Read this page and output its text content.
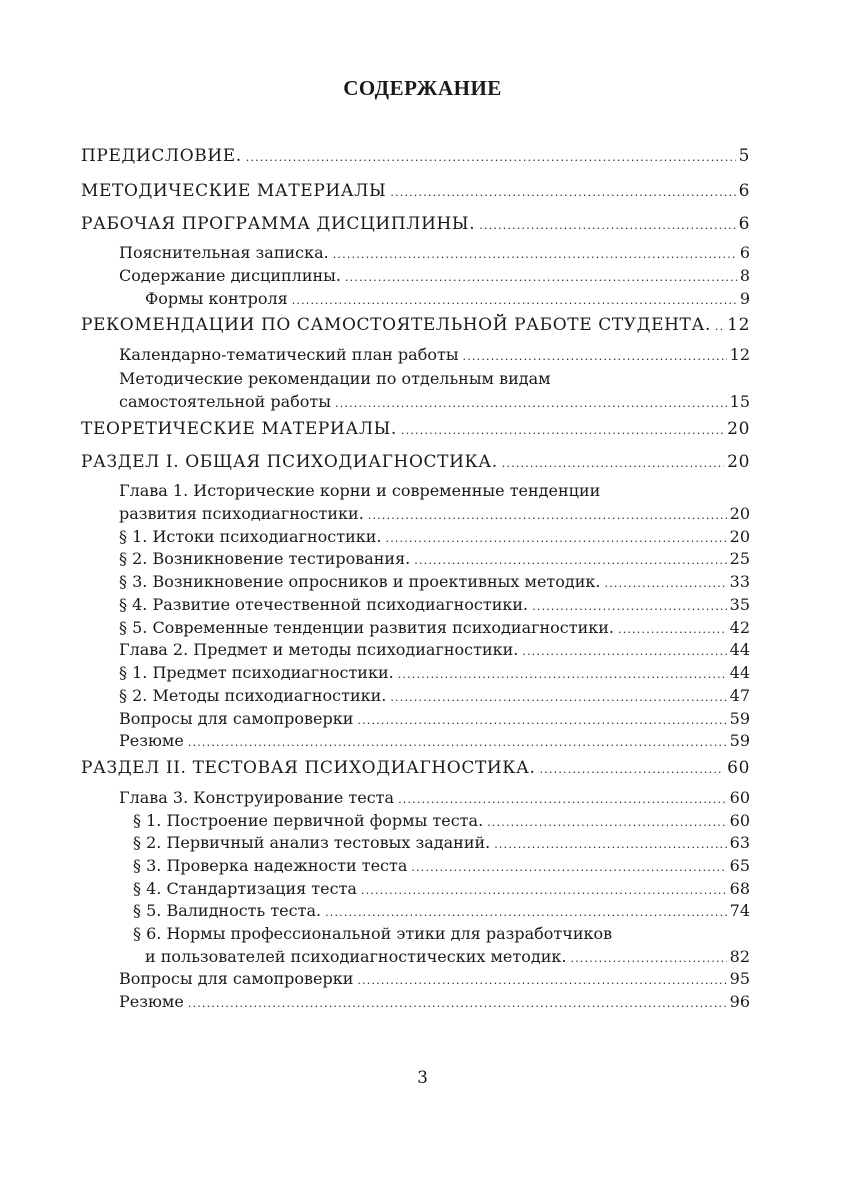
СОДЕРЖАНИЕ
ПРЕДИСЛОВИЕ. .....	5
МЕТОДИЧЕСКИЕ МАТЕРИАЛЫ .....	6
РАБОЧАЯ ПРОГРАММА ДИСЦИПЛИНЫ. .....	6
Пояснительная записка. .....	6
Содержание дисциплины. .....	8
Формы контроля .....	9
РЕКОМЕНДАЦИИ ПО САМОСТОЯТЕЛЬНОЙ РАБОТЕ СТУДЕНТА. ..... 12
Календарно-тематический план работы .....	12
Методические рекомендации по отдельным видам
самостоятельной работы .....	15
ТЕОРЕТИЧЕСКИЕ МАТЕРИАЛЫ. .....	20
РАЗДЕЛ I. ОБЩАЯ ПСИХОДИАГНОСТИКА. .....	20
Глава 1. Исторические корни и современные тенденции
развития психодиагностики. .....	20
§ 1. Истоки психодиагностики. .....	20
§ 2. Возникновение тестирования. .....	25
§ 3. Возникновение опросников и проективных методик. .....	33
§ 4. Развитие отечественной психодиагностики. .....	35
§ 5. Современные тенденции развития психодиагностики. .....	42
Глава 2. Предмет и методы психодиагностики. .....	44
§ 1. Предмет психодиагностики. .....	44
§ 2. Методы психодиагностики. .....	47
Вопросы для самопроверки .....	59
Резюме .....	59
РАЗДЕЛ II. ТЕСТОВАЯ ПСИХОДИАГНОСТИКА. .....	60
Глава 3. Конструирование теста .....	60
§ 1. Построение первичной формы теста. .....	60
§ 2. Первичный анализ тестовых заданий. .....	63
§ 3. Проверка надежности теста .....	65
§ 4. Стандартизация теста .....	68
§ 5. Валидность теста. .....	74
§ 6. Нормы профессиональной этики для разработчиков
и пользователей психодиагностических методик. .....	82
Вопросы для самопроверки .....	95
Резюме .....	96
3
